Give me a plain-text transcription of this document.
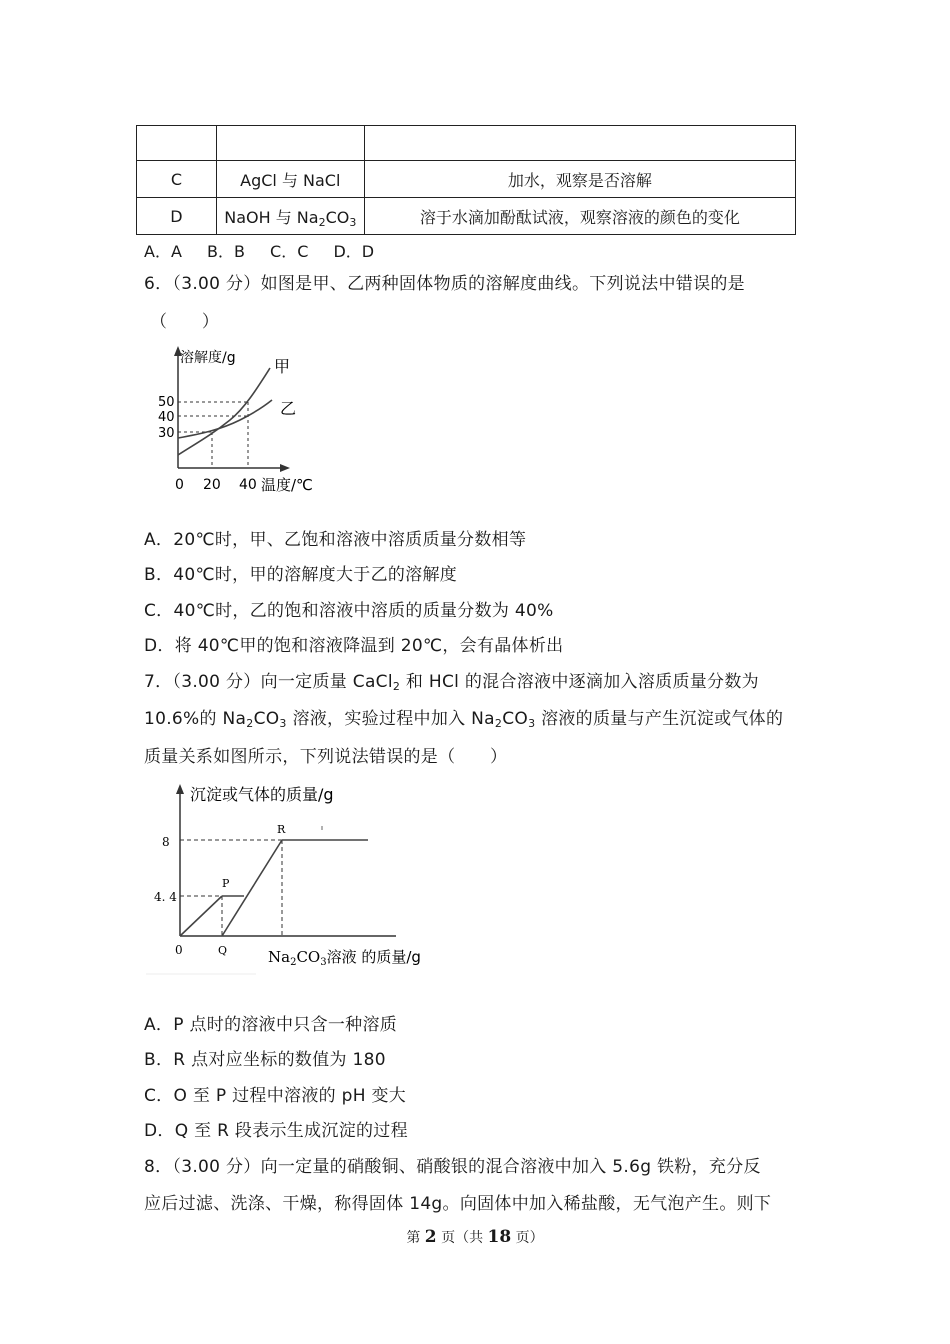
C	AgCl 与 NaCl	加水，观察是否溶解
D	NaOH 与 $Na_2CO_3$	溶于水滴加酚酞试液，观察溶液的颜色的变化
A．A　 B．B　 C．C　 D．D
6．（3.00 分）如图是甲、乙两种固体物质的溶解度曲线。下列说法中错误的是
（　　）
溶解度/g 甲
乙
50
40
30
0 20 40 温度/℃
A．20℃时，甲、乙饱和溶液中溶质质量分数相等
B．40℃时，甲的溶解度大于乙的溶解度
C．40℃时，乙的饱和溶液中溶质的质量分数为 40%
D．将 40℃甲的饱和溶液降温到 20℃，会有晶体析出
7．（3.00 分）向一定质量 CaCl$_2$ 和 HCl 的混合溶液中逐滴加入溶质质量分数为
10.6%的 $Na_2CO_3$ 溶液，实验过程中加入 $Na_2CO_3$ 溶液的质量与产生沉淀或气体的
质量关系如图所示，下列说法错误的是（　　）
沉淀或气体的质量/g
8
4. 4
0
P
Q
R
$Na_2CO_3$溶液 的质量/g
A．P 点时的溶液中只含一种溶质
B．R 点对应坐标的数值为 180
C．O 至 P 过程中溶液的 pH 变大
D．Q 至 R 段表示生成沉淀的过程
8．（3.00 分）向一定量的硝酸铜、硝酸银的混合溶液中加入 5.6g 铁粉，充分反
应后过滤、洗涤、干燥，称得固体 14g。向固体中加入稀盐酸，无气泡产生。则下
第 2 页（共 18 页）
